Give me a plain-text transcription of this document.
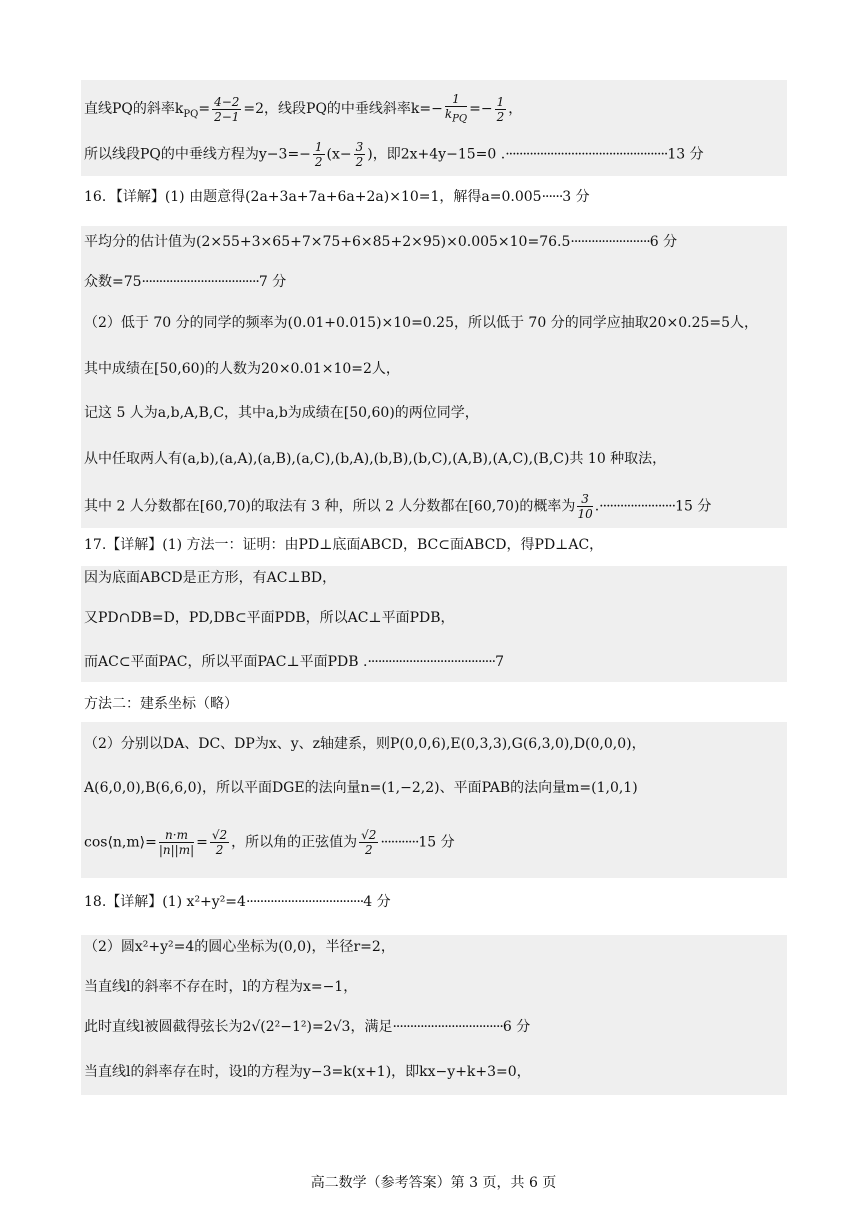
直线PQ的斜率$k_{PQ}= \frac{4-2}{2-1} =2$，线段PQ的中垂线斜率k=−
1
$k_{PQ}$
=− $\frac{1}{2}$ ，
所以线段PQ的中垂线方程为$y-3=- \frac{1}{2} (x- \frac{3}{2}$ )，即2x+4y−15=0 .···············································13 分
16．【详解】(1) 由题意得(2a+3a+7a+6a+2a)×10=1，解得a=0.005······3 分
平均分的估计值为(2×55+3×65+7×75+6×85+2×95)×0.005×10=76.5·······················6 分
众数=75··································7 分
（2）低于 70 分的同学的频率为(0.01+0.015)×10=0.25，所以低于 70 分的同学应抽取20×0.25=5人，
其中成绩在[50,60)的人数为20×0.01×10=2人，
记这 5 人为a,b,A,B,C，其中a,b为成绩在[50,60)的两位同学，
从中任取两人有(a,b),(a,A),(a,B),(a,C),(b,A),(b,B),(b,C),(A,B),(A,C),(B,C)共 10 种取法，
其中 2 人分数都在[60,70)的取法有 3 种，所以 2 人分数都在[60,70)的概率为 $\frac{3}{10} .\cdot\cdot\cdot\cdot\cdot\cdot\cdot\cdot\cdot\cdot\cdot\cdot\cdot\cdot\cdot\cdot\cdot\cdot\cdot\cdot\cdot\cdot 15$ 分
17.【详解】(1) 方法一：证明：由PD⊥底面ABCD，BC⊂面ABCD，得PD⊥AC，
因为底面ABCD是正方形，有AC⊥BD，
又PD∩DB=D，PD,DB⊂平面PDB，所以AC⊥平面PDB，
而AC⊂平面PAC，所以平面PAC⊥平面PDB .·····································7
方法二：建系坐标（略）
（2）分别以DA、DC、DP为x、y、z轴建系，则P(0,0,6),E(0,3,3),G(6,3,0),D(0,0,0)，
A(6,0,0),B(6,6,0)，所以平面DGE的法向量n=(1,−2,2)、平面PAB的法向量m=(1,0,1)
cos⟨n,m⟩= $\frac{n\cdot m}{|n||m|} = \frac{√2}{2}$ ，所以角的正弦值为 $\frac{√2}{2} \cdot\cdot\cdot\cdot\cdot\cdot\cdot\cdot\cdot\cdot\cdot 15$ 分
18.【详解】(1) x²+y²=4··································4 分
（2）圆x²+y²=4的圆心坐标为(0,0)，半径r=2，
当直线l的斜率不存在时，l的方程为x=−1，
此时直线l被圆截得弦长为2√(2²−1²)=2√3，满足································6 分
当直线l的斜率存在时，设l的方程为y−3=k(x+1)，即kx−y+k+3=0，
高二数学（参考答案）第 3 页，共 6 页
